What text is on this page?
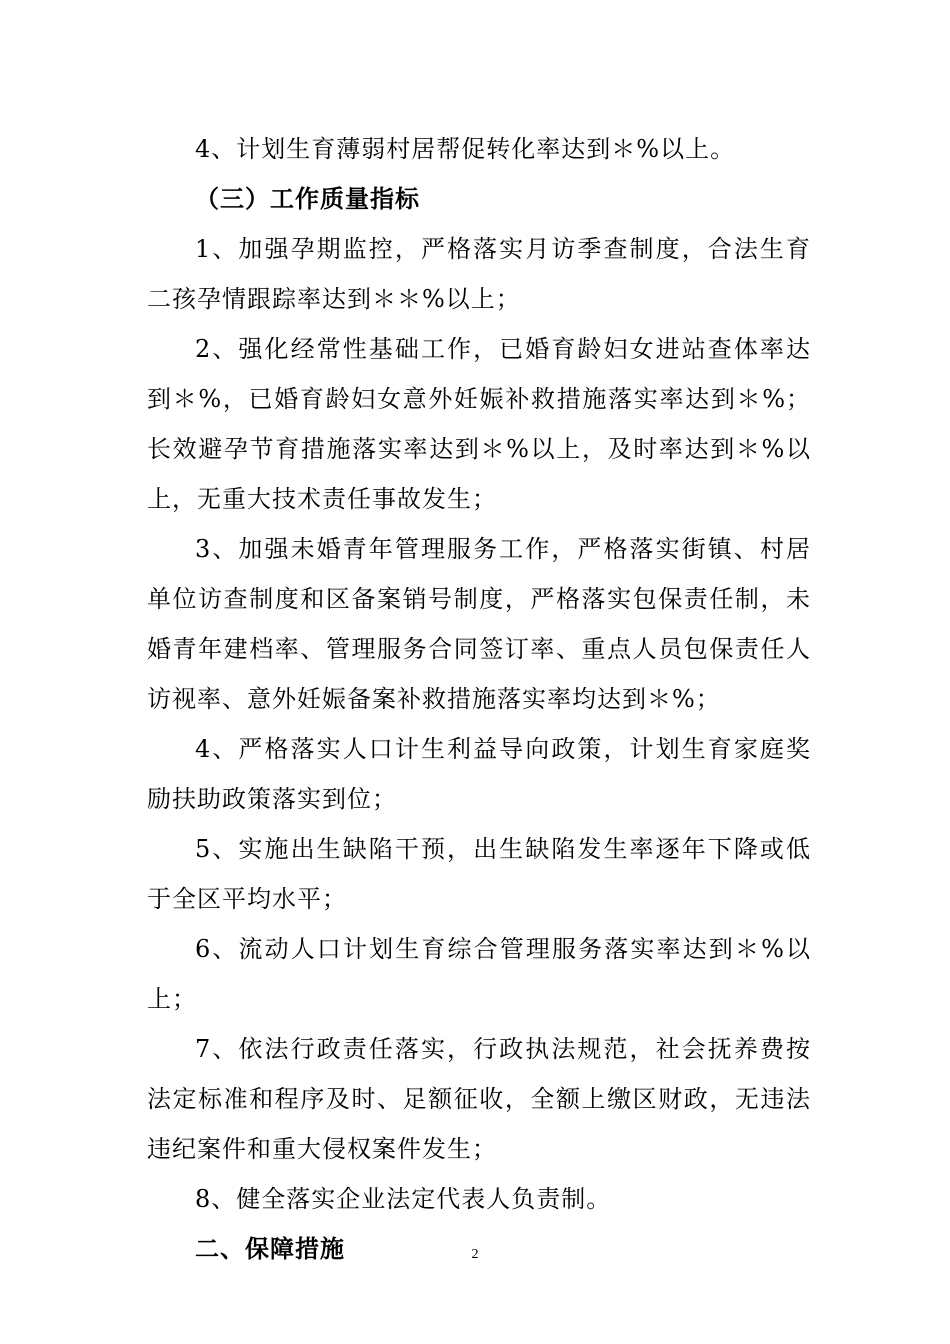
4、计划生育薄弱村居帮促转化率达到＊%以上。

（三）工作质量指标

1、加强孕期监控，严格落实月访季查制度，合法生育二孩孕情跟踪率达到＊＊%以上；

2、强化经常性基础工作，已婚育龄妇女进站查体率达到＊%，已婚育龄妇女意外妊娠补救措施落实率达到＊%；长效避孕节育措施落实率达到＊%以上，及时率达到＊%以上，无重大技术责任事故发生；

3、加强未婚青年管理服务工作，严格落实街镇、村居单位访查制度和区备案销号制度，严格落实包保责任制，未婚青年建档率、管理服务合同签订率、重点人员包保责任人访视率、意外妊娠备案补救措施落实率均达到＊%；

4、严格落实人口计生利益导向政策，计划生育家庭奖励扶助政策落实到位；

5、实施出生缺陷干预，出生缺陷发生率逐年下降或低于全区平均水平；

6、流动人口计划生育综合管理服务落实率达到＊%以上；

7、依法行政责任落实，行政执法规范，社会抚养费按法定标准和程序及时、足额征收，全额上缴区财政，无违法违纪案件和重大侵权案件发生；

8、健全落实企业法定代表人负责制。

二、保障措施	2
